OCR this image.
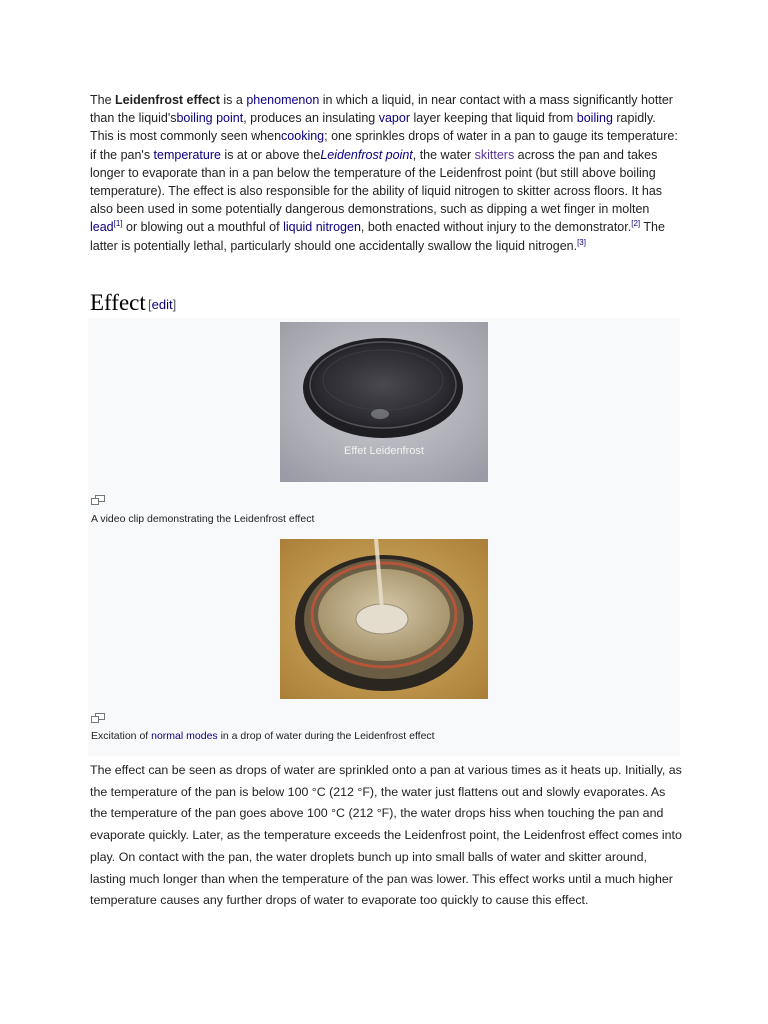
The Leidenfrost effect is a phenomenon in which a liquid, in near contact with a mass significantly hotter than the liquid'sboiling point, produces an insulating vapor layer keeping that liquid from boiling rapidly. This is most commonly seen whencooking; one sprinkles drops of water in a pan to gauge its temperature: if the pan's temperature is at or above theLeidenfrost point, the water skitters across the pan and takes longer to evaporate than in a pan below the temperature of the Leidenfrost point (but still above boiling temperature). The effect is also responsible for the ability of liquid nitrogen to skitter across floors. It has also been used in some potentially dangerous demonstrations, such as dipping a wet finger in molten lead[1] or blowing out a mouthful of liquid nitrogen, both enacted without injury to the demonstrator.[2] The latter is potentially lethal, particularly should one accidentally swallow the liquid nitrogen.[3]

Effect [edit]
Effet Leidenfrost
A video clip demonstrating the Leidenfrost effect
Excitation of normal modes in a drop of water during the Leidenfrost effect

The effect can be seen as drops of water are sprinkled onto a pan at various times as it heats up. Initially, as the temperature of the pan is below 100 °C (212 °F), the water just flattens out and slowly evaporates. As the temperature of the pan goes above 100 °C (212 °F), the water drops hiss when touching the pan and evaporate quickly. Later, as the temperature exceeds the Leidenfrost point, the Leidenfrost effect comes into play. On contact with the pan, the water droplets bunch up into small balls of water and skitter around, lasting much longer than when the temperature of the pan was lower. This effect works until a much higher temperature causes any further drops of water to evaporate too quickly to cause this effect.
